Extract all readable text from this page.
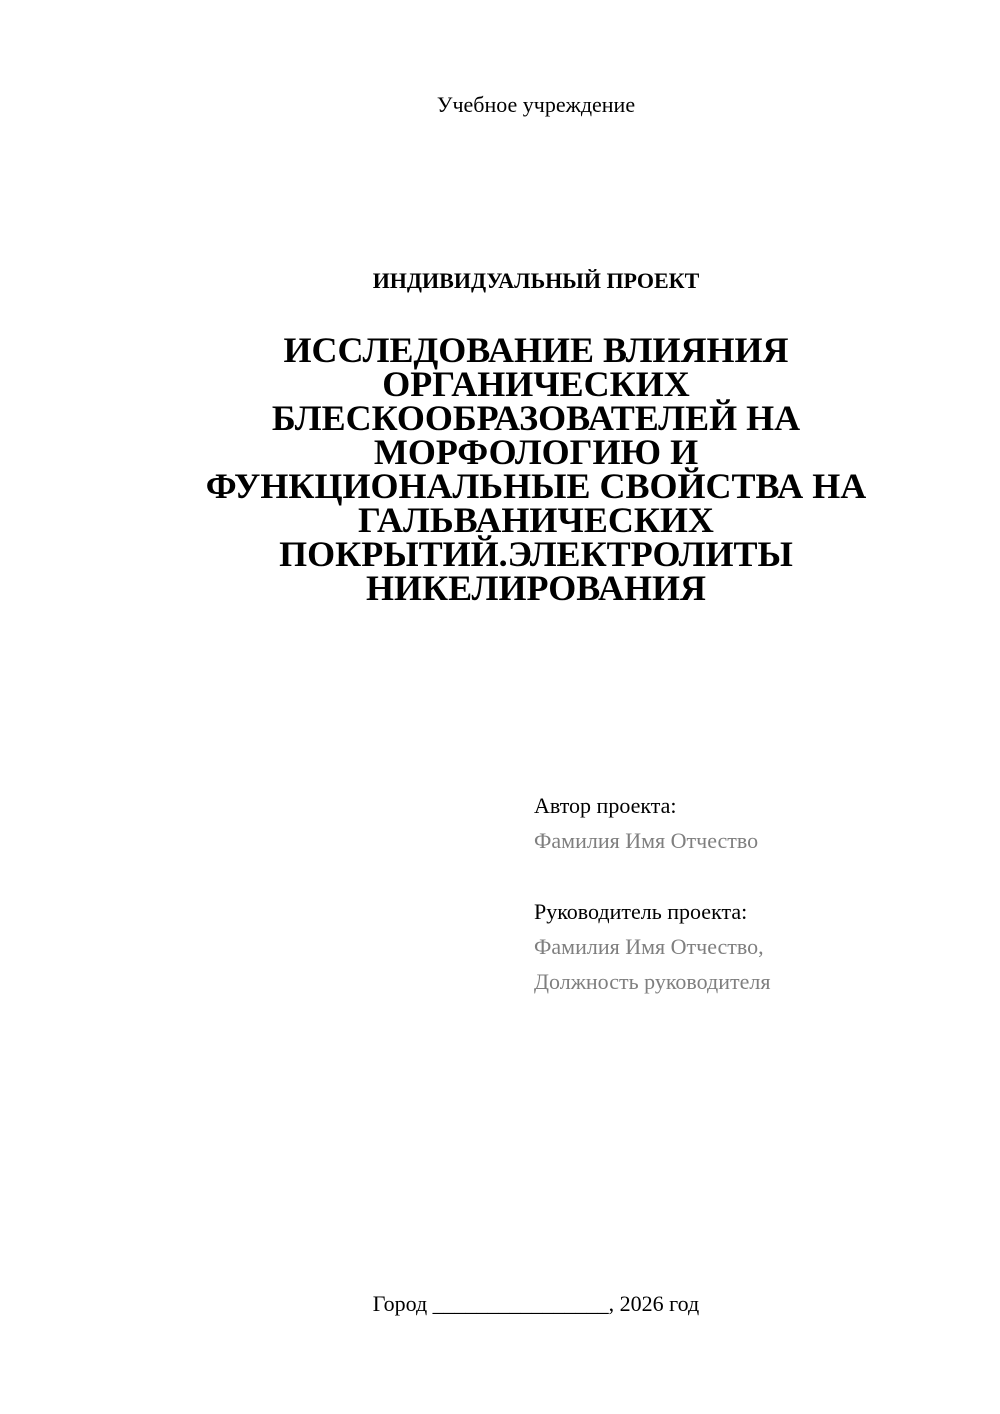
Учебное учреждение
ИНДИВИДУАЛЬНЫЙ ПРОЕКТ
ИССЛЕДОВАНИЕ ВЛИЯНИЯ
ОРГАНИЧЕСКИХ
БЛЕСКООБРАЗОВАТЕЛЕЙ НА
МОРФОЛОГИЮ И
ФУНКЦИОНАЛЬНЫЕ СВОЙСТВА НА
ГАЛЬВАНИЧЕСКИХ
ПОКРЫТИЙ.ЭЛЕКТРОЛИТЫ
НИКЕЛИРОВАНИЯ
Автор проекта:
Фамилия Имя Отчество
Руководитель проекта:
Фамилия Имя Отчество,
Должность руководителя
Город ________________, 2026 год
